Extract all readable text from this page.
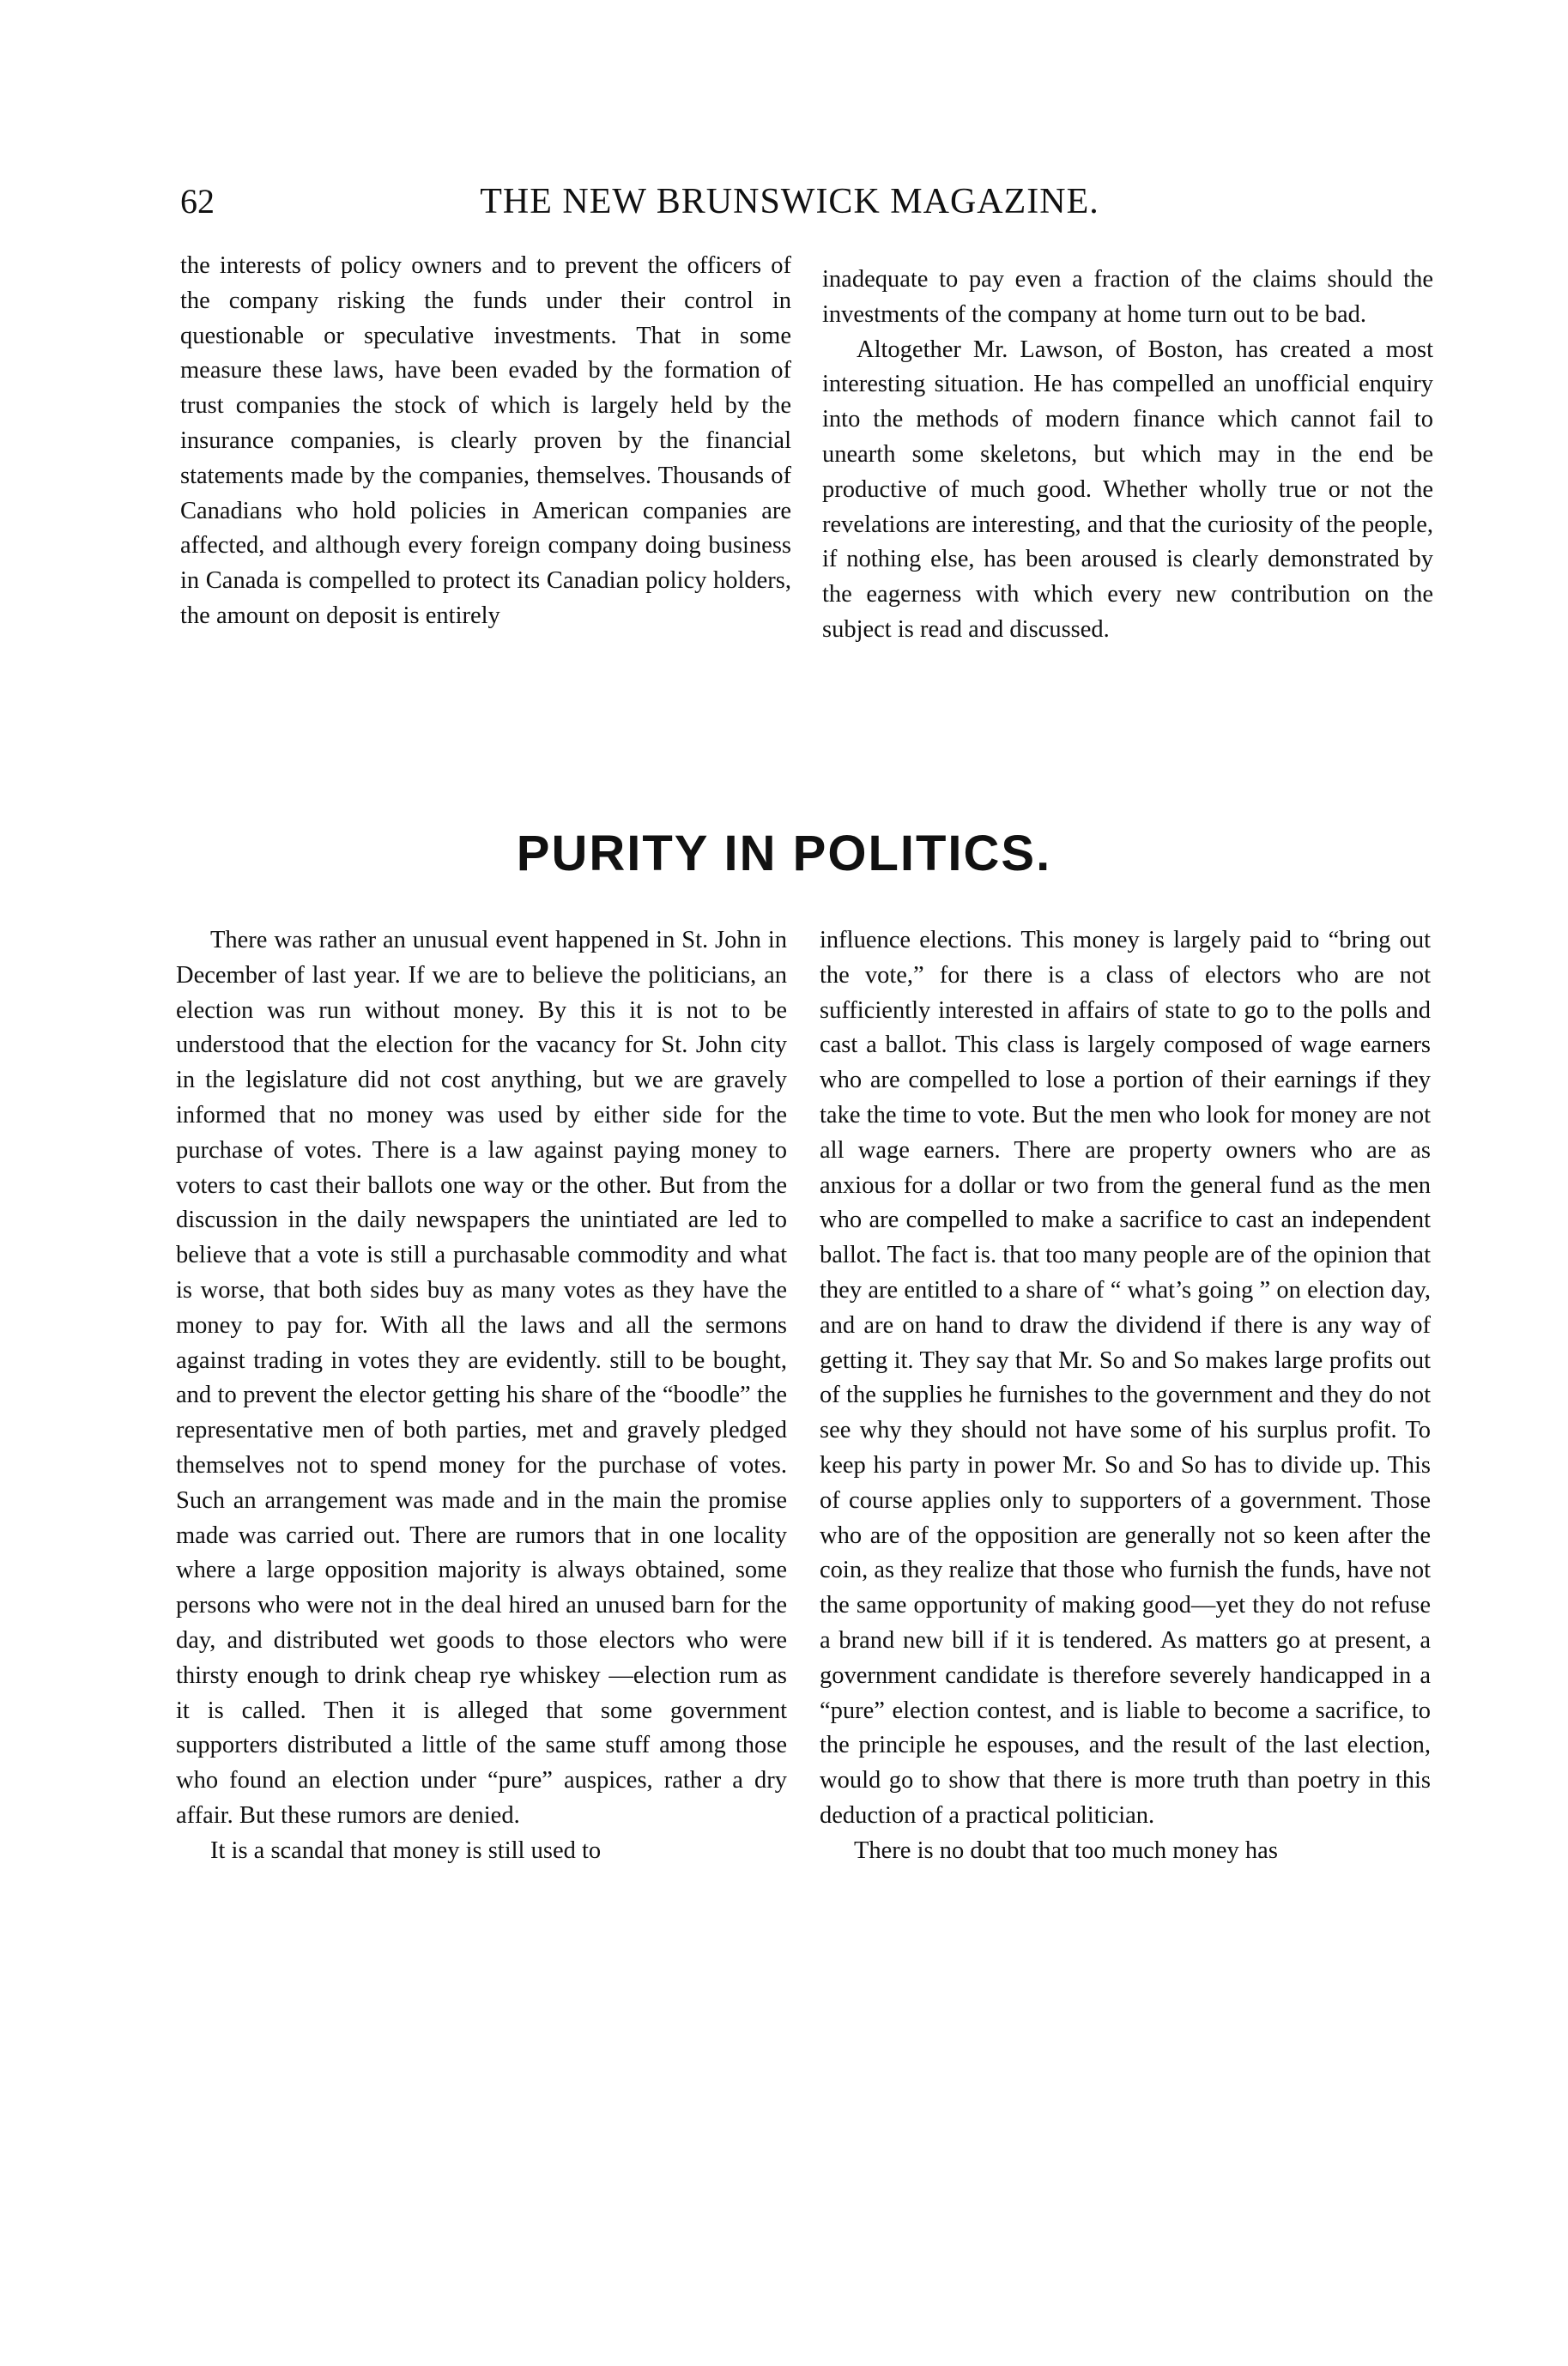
62	THE NEW BRUNSWICK MAGAZINE.

the interests of policy owners and to prevent the officers of the company risking the funds under their control in questionable or speculative investments. That in some measure these laws, have been evaded by the formation of trust companies the stock of which is largely held by the insurance companies, is clearly proven by the financial statements made by the companies, themselves. Thousands of Canadians who hold policies in American companies are affected, and although every foreign company doing business in Canada is compelled to protect its Canadian policy holders, the amount on deposit is entirely

inadequate to pay even a fraction of the claims should the investments of the company at home turn out to be bad.

Altogether Mr. Lawson, of Boston, has created a most interesting situation. He has compelled an unofficial enquiry into the methods of modern finance which cannot fail to unearth some skeletons, but which may in the end be productive of much good. Whether wholly true or not the revelations are interesting, and that the curiosity of the people, if nothing else, has been aroused is clearly demonstrated by the eagerness with which every new contribution on the subject is read and discussed.

PURITY IN POLITICS.

There was rather an unusual event happened in St. John in December of last year. If we are to believe the politicians, an election was run without money. By this it is not to be understood that the election for the vacancy for St. John city in the legislature did not cost anything, but we are gravely informed that no money was used by either side for the purchase of votes. There is a law against paying money to voters to cast their ballots one way or the other. But from the discussion in the daily newspapers the unintiated are led to believe that a vote is still a purchasable commodity and what is worse, that both sides buy as many votes as they have the money to pay for. With all the laws and all the sermons against trading in votes they are evidently. still to be bought, and to prevent the elector getting his share of the “boodle” the representative men of both parties, met and gravely pledged themselves not to spend money for the purchase of votes. Such an arrangement was made and in the main the promise made was carried out. There are rumors that in one locality where a large opposition majority is always obtained, some persons who were not in the deal hired an unused barn for the day, and distributed wet goods to those electors who were thirsty enough to drink cheap rye whiskey —election rum as it is called. Then it is alleged that some government supporters distributed a little of the same stuff among those who found an election under “pure” auspices, rather a dry affair. But these rumors are denied.

It is a scandal that money is still used to

influence elections. This money is largely paid to “bring out the vote,” for there is a class of electors who are not sufficiently interested in affairs of state to go to the polls and cast a ballot. This class is largely composed of wage earners who are compelled to lose a portion of their earnings if they take the time to vote. But the men who look for money are not all wage earners. There are property owners who are as anxious for a dollar or two from the general fund as the men who are compelled to make a sacrifice to cast an independent ballot. The fact is. that too many people are of the opinion that they are entitled to a share of “ what’s going ” on election day, and are on hand to draw the dividend if there is any way of getting it. They say that Mr. So and So makes large profits out of the supplies he furnishes to the government and they do not see why they should not have some of his surplus profit. To keep his party in power Mr. So and So has to divide up. This of course applies only to supporters of a government. Those who are of the opposition are generally not so keen after the coin, as they realize that those who furnish the funds, have not the same opportunity of making good—yet they do not refuse a brand new bill if it is tendered. As matters go at present, a government candidate is therefore severely handicapped in a “pure” election contest, and is liable to become a sacrifice, to the principle he espouses, and the result of the last election, would go to show that there is more truth than poetry in this deduction of a practical politician.

There is no doubt that too much money has
